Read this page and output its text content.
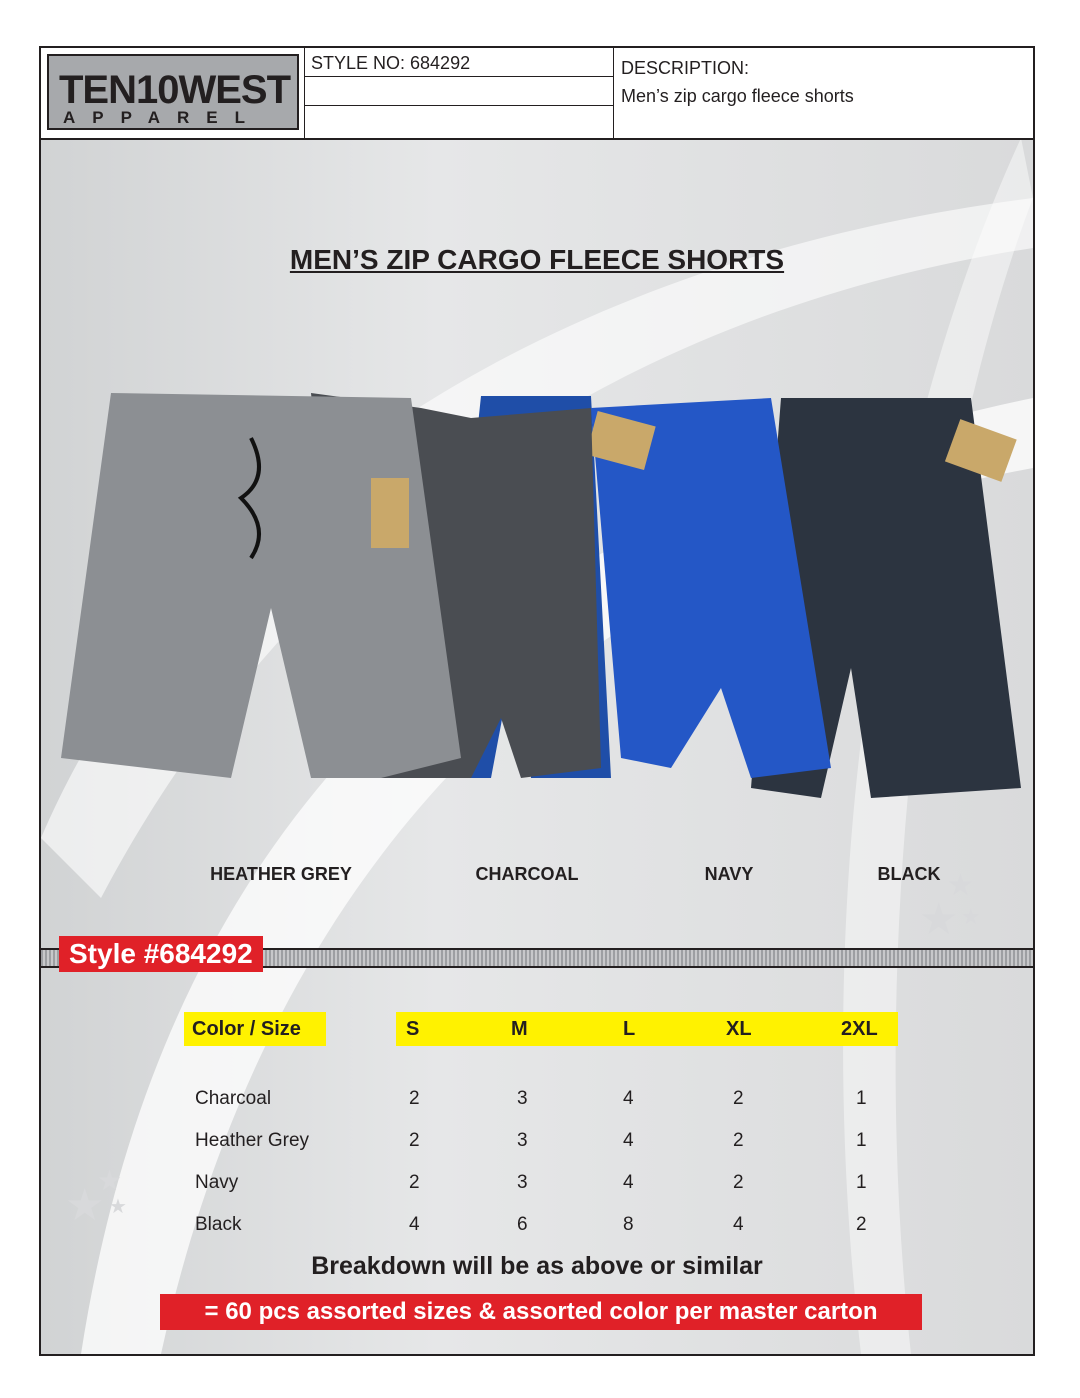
TEN10WEST
APPAREL
STYLE NO: 684292	DESCRIPTION:
Men’s zip cargo fleece shorts
MEN’S ZIP CARGO FLEECE SHORTS
HEATHER GREY	CHARCOAL	NAVY	BLACK ★
★ ★
Style #684292
Color / Size	S	M	L	XL	2XL
Charcoal	2	3	4	2	1
Heather Grey	2	3	4	2	1
Navy	2	3	4	2	1
Black	4	6	8	4	2
★
★ ★
Breakdown will be as above or similar
= 60 pcs assorted sizes & assorted color per master carton
